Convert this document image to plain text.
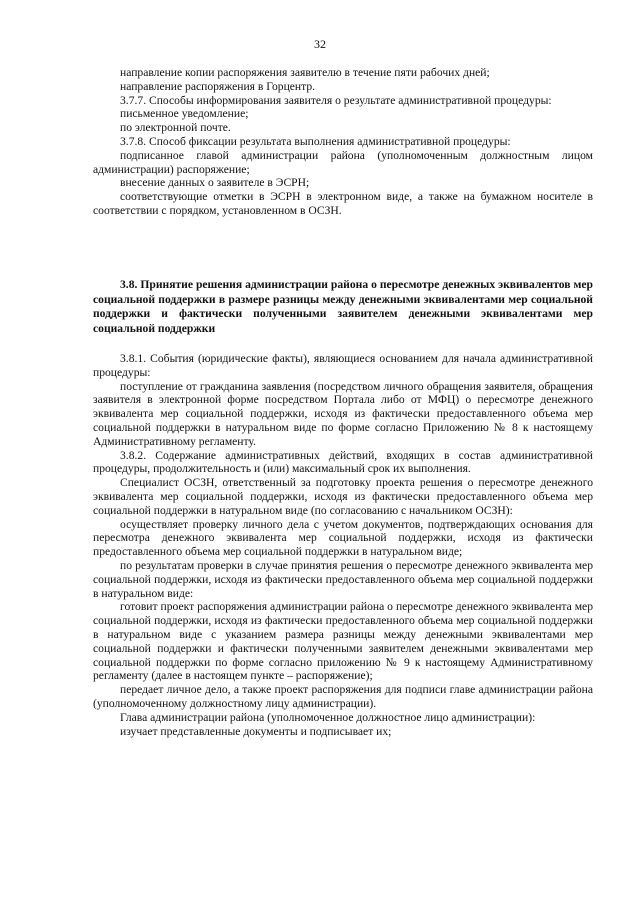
32

направление копии распоряжения заявителю в течение пяти рабочих дней;

направление распоряжения в Горцентр.

3.7.7. Способы информирования заявителя о результате административной процедуры:

письменное уведомление;

по электронной почте.

3.7.8. Способ фиксации результата выполнения административной процедуры:

подписанное главой администрации района (уполномоченным должностным лицом администрации) распоряжение;

внесение данных о заявителе в ЭСРН;

соответствующие отметки в ЭСРН в электронном виде, а также на бумажном носителе в соответствии с порядком, установленном в ОСЗН.

3.8. Принятие решения администрации района о пересмотре денежных эквивалентов мер социальной поддержки в размере разницы между денежными эквивалентами мер социальной поддержки и фактически полученными заявителем денежными эквивалентами мер социальной поддержки

3.8.1. События (юридические факты), являющиеся основанием для начала административной процедуры:

поступление от гражданина заявления (посредством личного обращения заявителя, обращения заявителя в электронной форме посредством Портала либо от МФЦ) о пересмотре денежного эквивалента мер социальной поддержки, исходя из фактически предоставленного объема мер социальной поддержки в натуральном виде по форме согласно Приложению № 8 к настоящему Административному регламенту.

3.8.2. Содержание административных действий, входящих в состав административной процедуры, продолжительность и (или) максимальный срок их выполнения.

Специалист ОСЗН, ответственный за подготовку проекта решения о пересмотре денежного эквивалента мер социальной поддержки, исходя из фактически предоставленного объема мер социальной поддержки в натуральном виде (по согласованию с начальником ОСЗН):

осуществляет проверку личного дела с учетом документов, подтверждающих основания для пересмотра денежного эквивалента мер социальной поддержки, исходя из фактически предоставленного объема мер социальной поддержки в натуральном виде;

по результатам проверки в случае принятия решения о пересмотре денежного эквивалента мер социальной поддержки, исходя из фактически предоставленного объема мер социальной поддержки в натуральном виде:

готовит проект распоряжения администрации района о пересмотре денежного эквивалента мер социальной поддержки, исходя из фактически предоставленного объема мер социальной поддержки в натуральном виде с указанием размера разницы между денежными эквивалентами мер социальной поддержки и фактически полученными заявителем денежными эквивалентами мер социальной поддержки по форме согласно приложению № 9 к настоящему Административному регламенту (далее в настоящем пункте – распоряжение);

передает личное дело, а также проект распоряжения для подписи главе администрации района (уполномоченному должностному лицу администрации).

Глава администрации района (уполномоченное должностное лицо администрации):

изучает представленные документы и подписывает их;
